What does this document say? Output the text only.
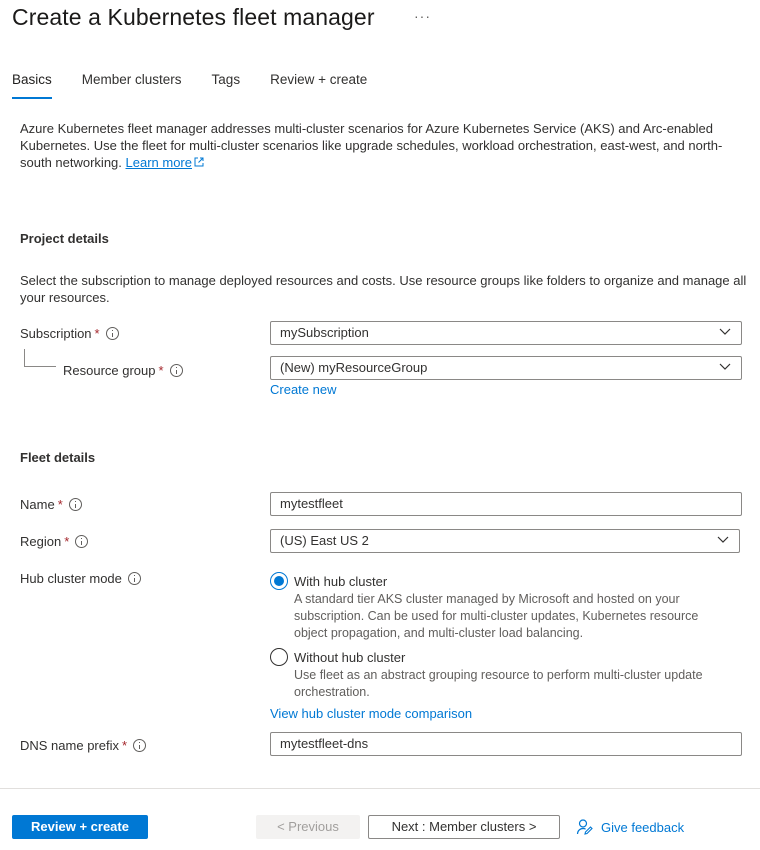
Create a Kubernetes fleet manager	···
Basics Member clusters Tags Review + create
Azure Kubernetes fleet manager addresses multi-cluster scenarios for Azure Kubernetes Service (AKS) and Arc-enabled Kubernetes. Use the fleet for multi-cluster scenarios like upgrade schedules, workload orchestration, east-west, and north-south networking. Learn more
Project details
Select the subscription to manage deployed resources and costs. Use resource groups like folders to organize and manage all your resources.
Subscription *	mySubscription
Resource group *	(New) myResourceGroup
Create new
Fleet details
Name *	mytestfleet
Region *	(US) East US 2
Hub cluster mode	With hub cluster
A standard tier AKS cluster managed by Microsoft and hosted on your subscription. Can be used for multi-cluster updates, Kubernetes resource object propagation, and multi-cluster load balancing.
Without hub cluster
Use fleet as an abstract grouping resource to perform multi-cluster update orchestration.
View hub cluster mode comparison
DNS name prefix *	mytestfleet-dns
Review + create	< Previous	Next : Member clusters >	Give feedback
